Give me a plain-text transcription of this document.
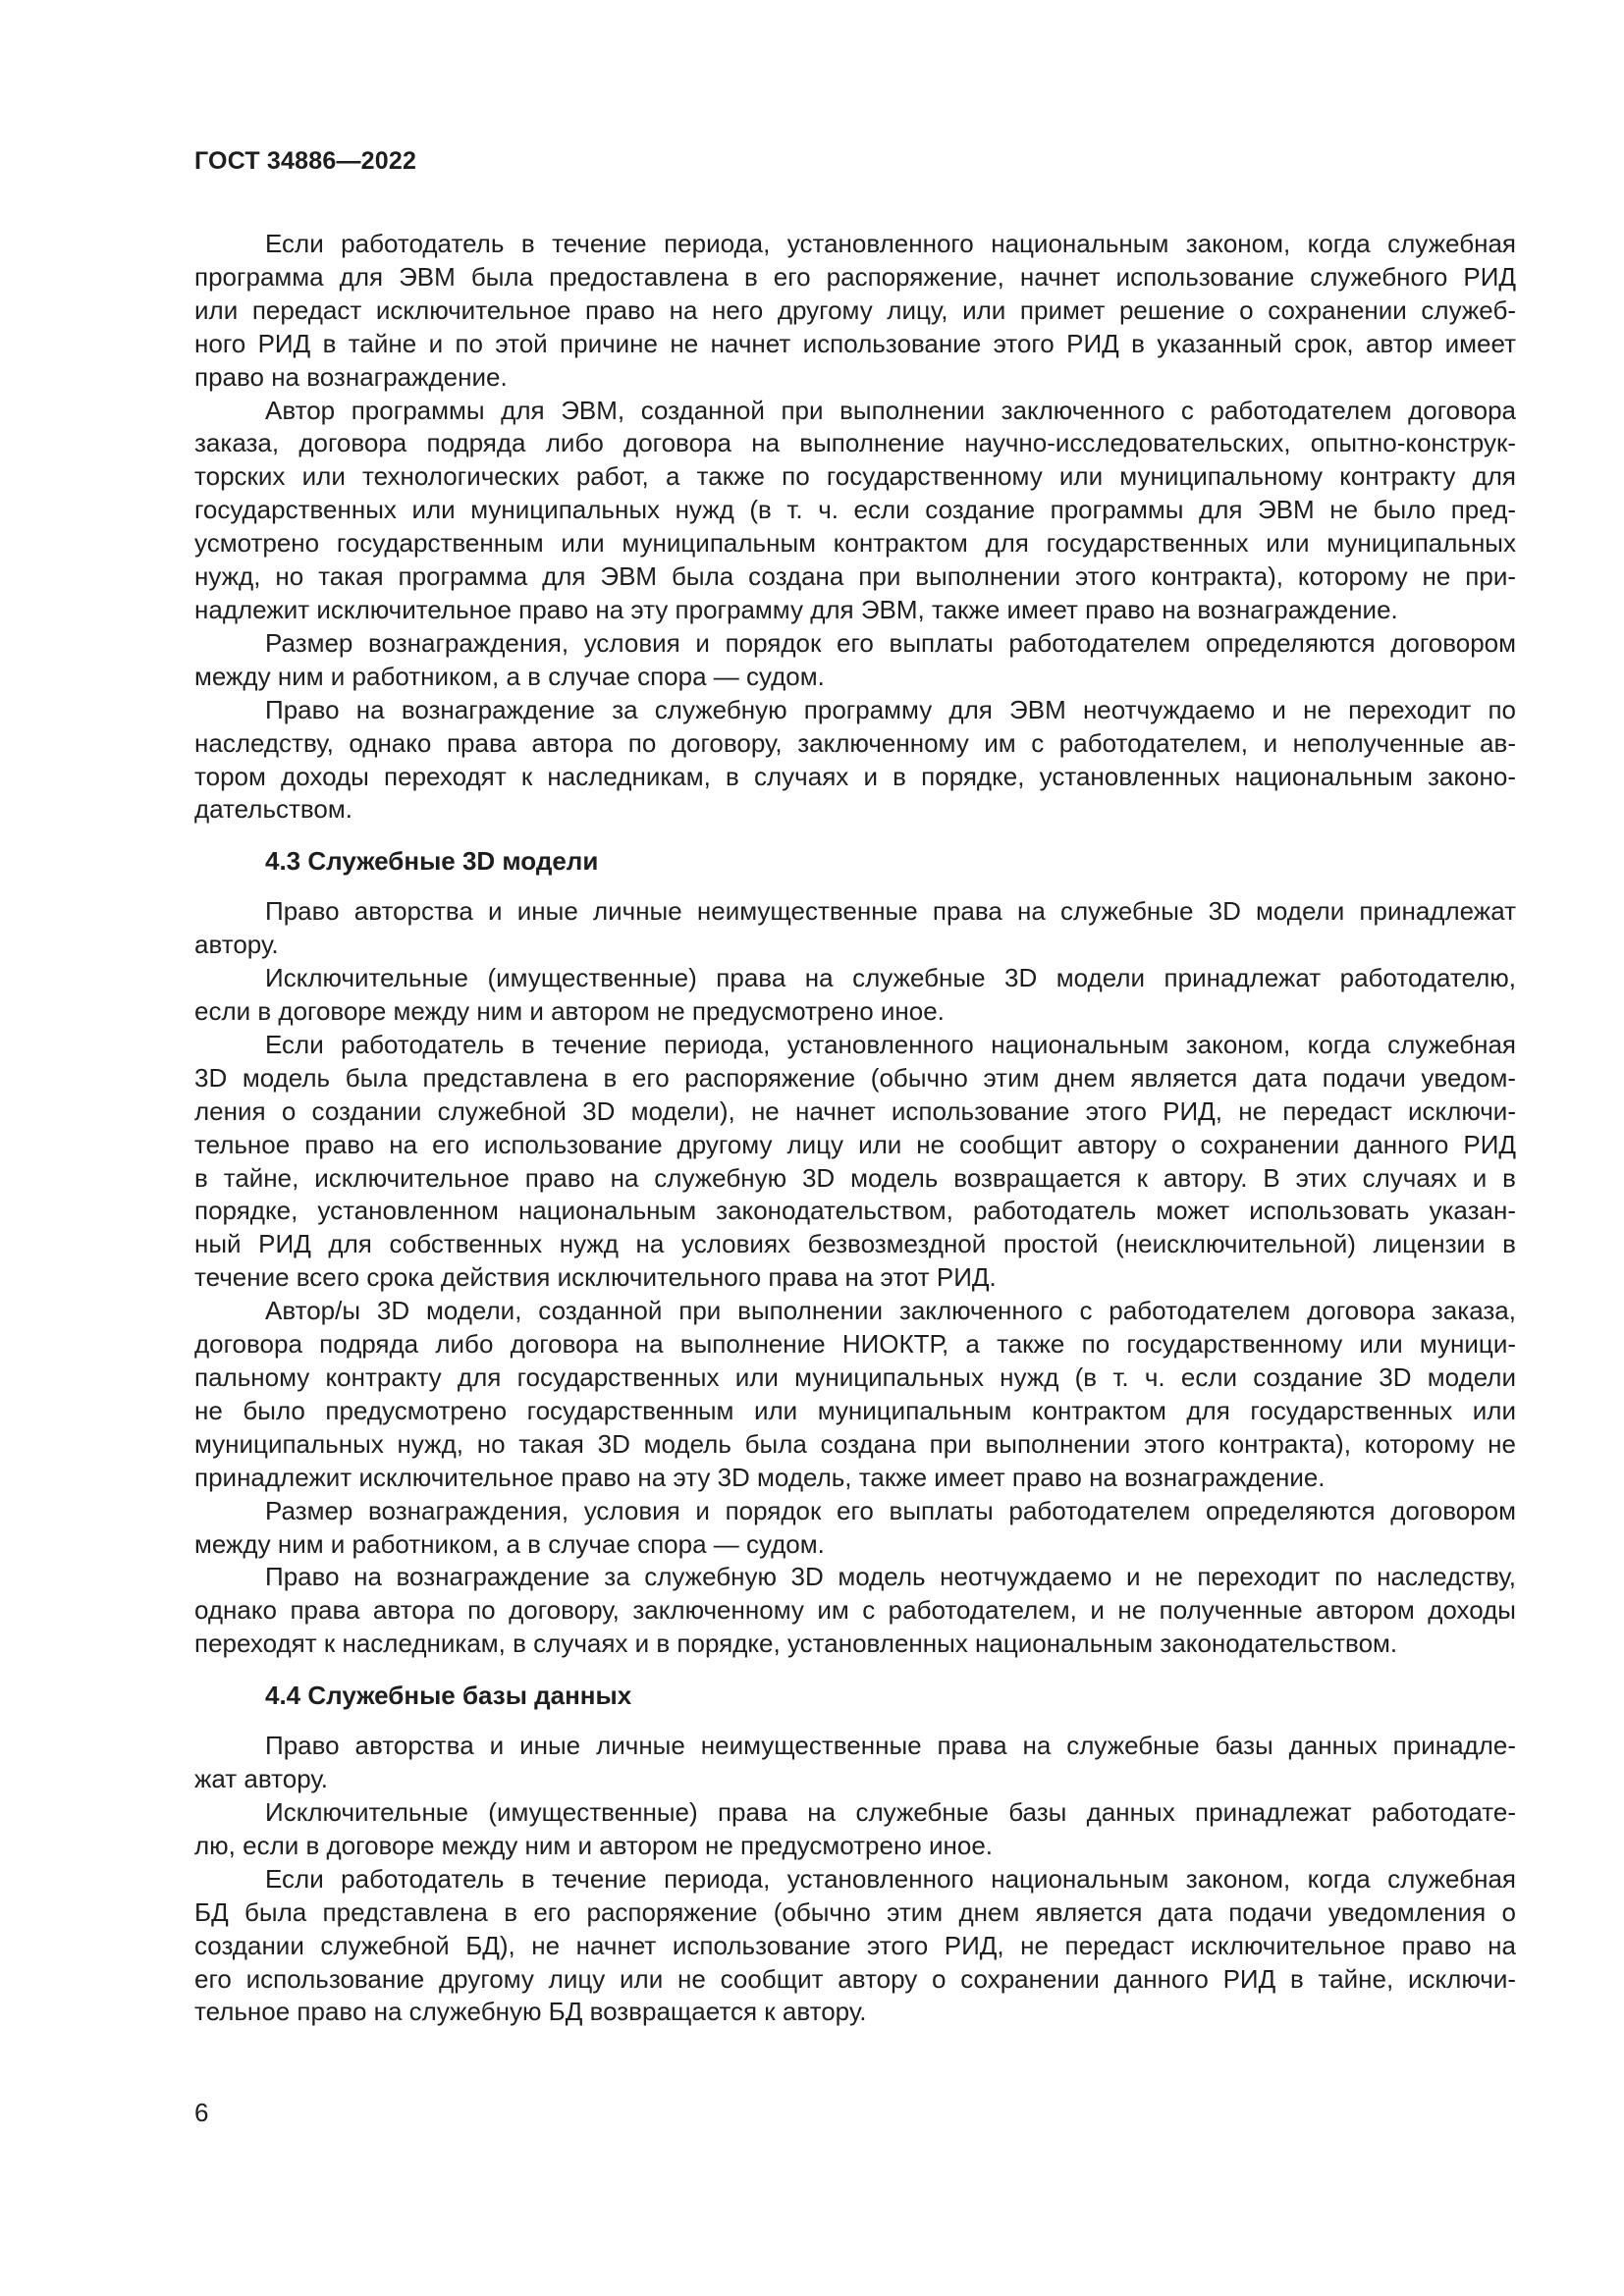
ГОСТ 34886—2022
Если работодатель в течение периода, установленного национальным законом, когда служебная
программа для ЭВМ была предоставлена в его распоряжение, начнет использование служебного РИД
или передаст исключительное право на него другому лицу, или примет решение о сохранении служеб-
ного РИД в тайне и по этой причине не начнет использование этого РИД в указанный срок, автор имеет
право на вознаграждение.
Автор программы для ЭВМ, созданной при выполнении заключенного с работодателем договора
заказа, договора подряда либо договора на выполнение научно-исследовательских, опытно-конструк-
торских или технологических работ, а также по государственному или муниципальному контракту для
государственных или муниципальных нужд (в т. ч. если создание программы для ЭВМ не было пред-
усмотрено государственным или муниципальным контрактом для государственных или муниципальных
нужд, но такая программа для ЭВМ была создана при выполнении этого контракта), которому не при-
надлежит исключительное право на эту программу для ЭВМ, также имеет право на вознаграждение.
Размер вознаграждения, условия и порядок его выплаты работодателем определяются договором
между ним и работником, а в случае спора — судом.
Право на вознаграждение за служебную программу для ЭВМ неотчуждаемо и не переходит по
наследству, однако права автора по договору, заключенному им с работодателем, и неполученные ав-
тором доходы переходят к наследникам, в случаях и в порядке, установленных национальным законо-
дательством.
4.3 Служебные 3D модели
Право авторства и иные личные неимущественные права на служебные 3D модели принадлежат
автору.
Исключительные (имущественные) права на служебные 3D модели принадлежат работодателю,
если в договоре между ним и автором не предусмотрено иное.
Если работодатель в течение периода, установленного национальным законом, когда служебная
3D модель была представлена в его распоряжение (обычно этим днем является дата подачи уведом-
ления о создании служебной 3D модели), не начнет использование этого РИД, не передаст исключи-
тельное право на его использование другому лицу или не сообщит автору о сохранении данного РИД
в тайне, исключительное право на служебную 3D модель возвращается к автору. В этих случаях и в
порядке, установленном национальным законодательством, работодатель может использовать указан-
ный РИД для собственных нужд на условиях безвозмездной простой (неисключительной) лицензии в
течение всего срока действия исключительного права на этот РИД.
Автор/ы 3D модели, созданной при выполнении заключенного с работодателем договора заказа,
договора подряда либо договора на выполнение НИОКТР, а также по государственному или муници-
пальному контракту для государственных или муниципальных нужд (в т. ч. если создание 3D модели
не было предусмотрено государственным или муниципальным контрактом для государственных или
муниципальных нужд, но такая 3D модель была создана при выполнении этого контракта), которому не
принадлежит исключительное право на эту 3D модель, также имеет право на вознаграждение.
Размер вознаграждения, условия и порядок его выплаты работодателем определяются договором
между ним и работником, а в случае спора — судом.
Право на вознаграждение за служебную 3D модель неотчуждаемо и не переходит по наследству,
однако права автора по договору, заключенному им с работодателем, и не полученные автором доходы
переходят к наследникам, в случаях и в порядке, установленных национальным законодательством.
4.4 Служебные базы данных
Право авторства и иные личные неимущественные права на служебные базы данных принадле-
жат автору.
Исключительные (имущественные) права на служебные базы данных принадлежат работодате-
лю, если в договоре между ним и автором не предусмотрено иное.
Если работодатель в течение периода, установленного национальным законом, когда служебная
БД была представлена в его распоряжение (обычно этим днем является дата подачи уведомления о
создании служебной БД), не начнет использование этого РИД, не передаст исключительное право на
его использование другому лицу или не сообщит автору о сохранении данного РИД в тайне, исключи-
тельное право на служебную БД возвращается к автору.
6
